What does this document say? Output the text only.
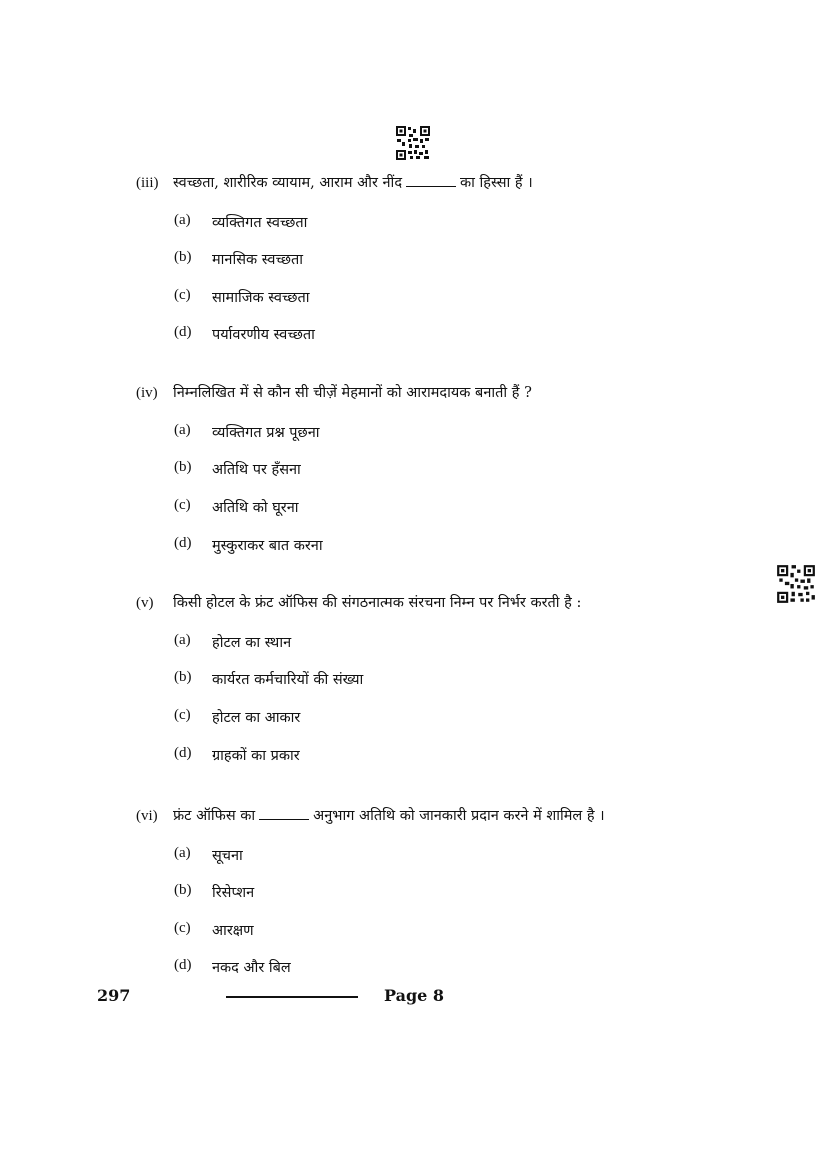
(iii) स्वच्छता, शारीरिक व्यायाम, आराम और नींद	का हिस्सा हैं ।
(a) व्यक्तिगत स्वच्छता
(b) मानसिक स्वच्छता
(c) सामाजिक स्वच्छता
(d) पर्यावरणीय स्वच्छता
(iv) निम्नलिखित में से कौन सी चीज़ें मेहमानों को आरामदायक बनाती हैं ?
(a) व्यक्तिगत प्रश्न पूछना
(b) अतिथि पर हँसना
(c) अतिथि को घूरना
(d) मुस्कुराकर बात करना
(v) किसी होटल के फ्रंट ऑफिस की संगठनात्मक संरचना निम्न पर निर्भर करती है :
(a) होटल का स्थान
(b) कार्यरत कर्मचारियों की संख्या
(c) होटल का आकार
(d) ग्राहकों का प्रकार
(vi) फ्रंट ऑफिस का	अनुभाग अतिथि को जानकारी प्रदान करने में शामिल है ।
(a) सूचना
(b) रिसेप्शन
(c) आरक्षण
(d) नकद और बिल
297	Page 8
